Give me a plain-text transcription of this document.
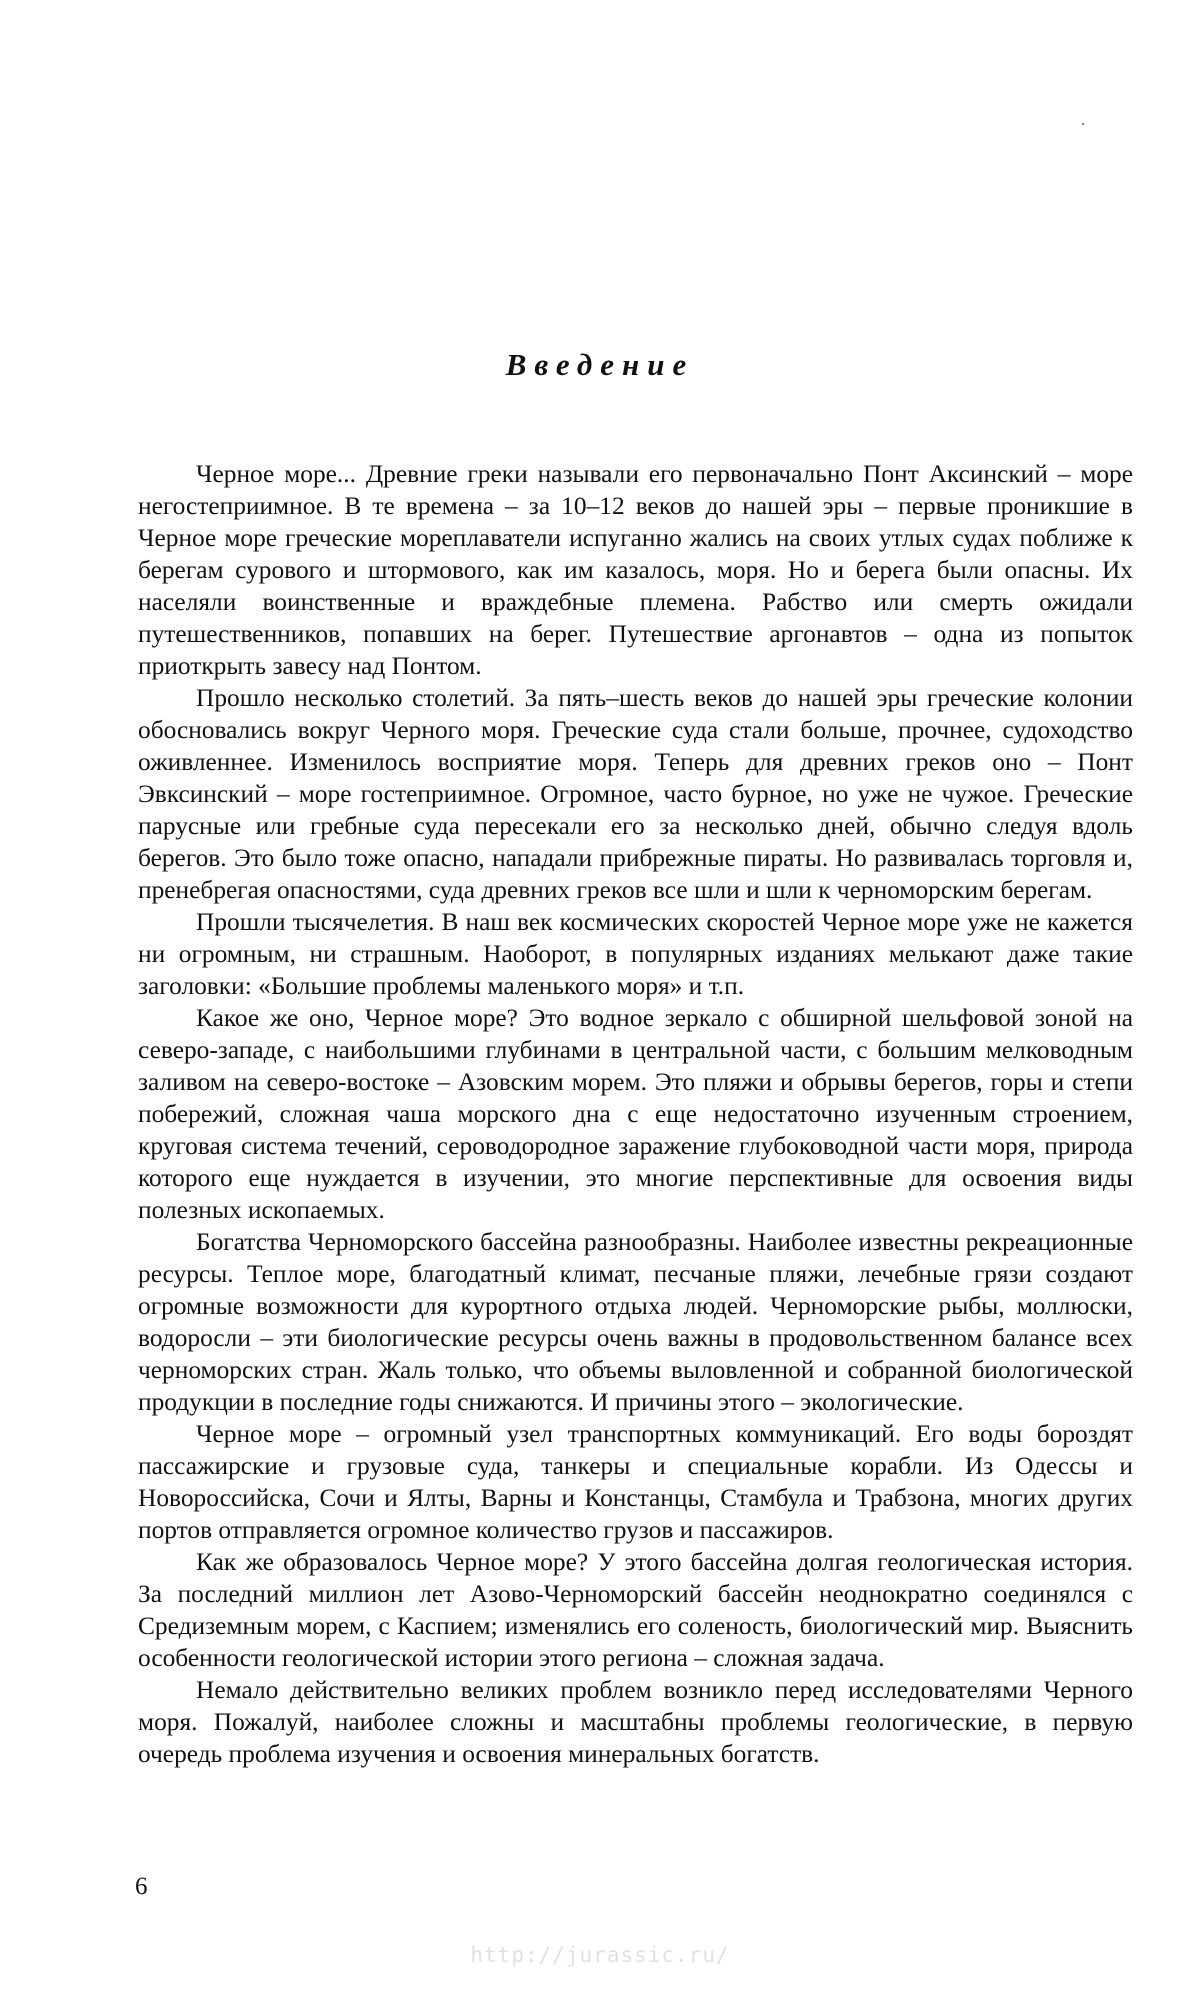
Введение

Черное море... Древние греки называли его первоначально Понт Аксинский – море негостеприимное. В те времена – за 10–12 веков до нашей эры – первые проникшие в Черное море греческие мореплаватели испуганно жались на своих утлых судах поближе к берегам сурового и штормового, как им казалось, моря. Но и берега были опасны. Их населяли воинственные и враждебные племена. Рабство или смерть ожидали путешественников, попавших на берег. Путешествие аргонавтов – одна из попыток приоткрыть завесу над Понтом.

Прошло несколько столетий. За пять–шесть веков до нашей эры греческие колонии обосновались вокруг Черного моря. Греческие суда стали больше, прочнее, судоходство оживленнее. Изменилось восприятие моря. Теперь для древних греков оно – Понт Эвксинский – море гостеприимное. Огромное, часто бурное, но уже не чужое. Греческие парусные или гребные суда пересекали его за несколько дней, обычно следуя вдоль берегов. Это было тоже опасно, нападали прибрежные пираты. Но развивалась торговля и, пренебрегая опасностями, суда древних греков все шли и шли к черноморским берегам.

Прошли тысячелетия. В наш век космических скоростей Черное море уже не кажется ни огромным, ни страшным. Наоборот, в популярных изданиях мелькают даже такие заголовки: «Большие проблемы маленького моря» и т.п.

Какое же оно, Черное море? Это водное зеркало с обширной шельфовой зоной на северо-западе, с наибольшими глубинами в центральной части, с большим мелководным заливом на северо-востоке – Азовским морем. Это пляжи и обрывы берегов, горы и степи побережий, сложная чаша морского дна с еще недостаточно изученным строением, круговая система течений, сероводородное заражение глубоководной части моря, природа которого еще нуждается в изучении, это многие перспективные для освоения виды полезных ископаемых.

Богатства Черноморского бассейна разнообразны. Наиболее известны рекреационные ресурсы. Теплое море, благодатный климат, песчаные пляжи, лечебные грязи создают огромные возможности для курортного отдыха людей. Черноморские рыбы, моллюски, водоросли – эти биологические ресурсы очень важны в продовольственном балансе всех черноморских стран. Жаль только, что объемы выловленной и собранной биологической продукции в последние годы снижаются. И причины этого – экологические.

Черное море – огромный узел транспортных коммуникаций. Его воды бороздят пассажирские и грузовые суда, танкеры и специальные корабли. Из Одессы и Новороссийска, Сочи и Ялты, Варны и Констанцы, Стамбула и Трабзона, многих других портов отправляется огромное количество грузов и пассажиров.

Как же образовалось Черное море? У этого бассейна долгая геологическая история. За последний миллион лет Азово-Черноморский бассейн неоднократно соединялся с Средиземным морем, с Каспием; изменялись его соленость, биологический мир. Выяснить особенности геологической истории этого региона – сложная задача.

Немало действительно великих проблем возникло перед исследователями Черного моря. Пожалуй, наиболее сложны и масштабны проблемы геологические, в первую очередь проблема изучения и освоения минеральных богатств.

6
http://jurassic.ru/
